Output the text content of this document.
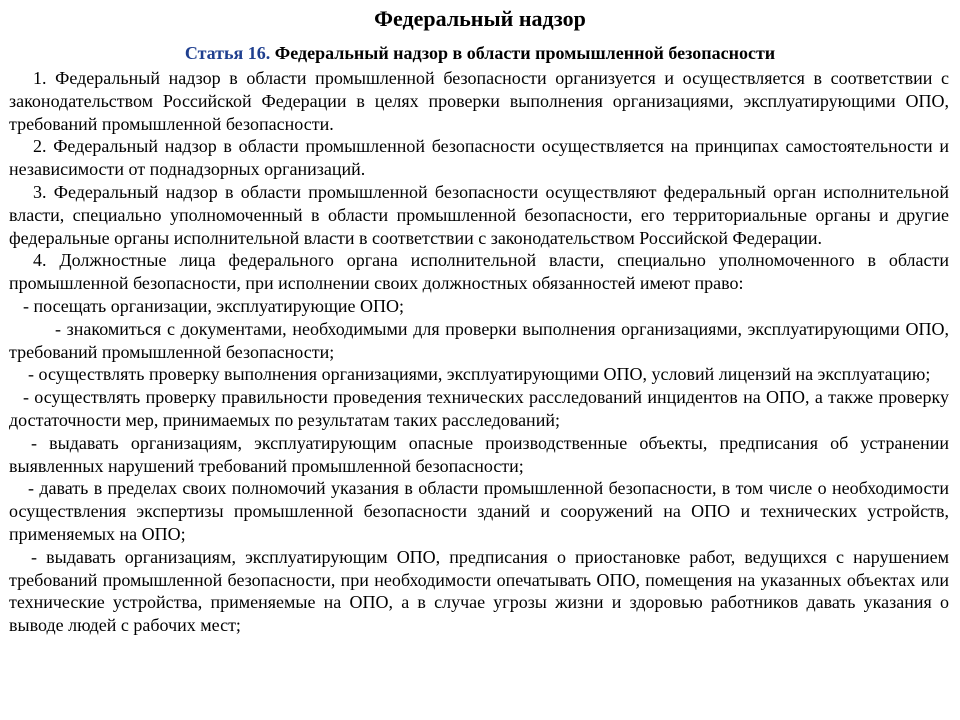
Федеральный надзор
Статья 16. Федеральный надзор в области промышленной безопасности

1. Федеральный надзор в области промышленной безопасности организуется и осуществляется в соответствии с законодательством Российской Федерации в целях проверки выполнения организациями, эксплуатирующими ОПО, требований промышленной безопасности.

2. Федеральный надзор в области промышленной безопасности осуществляется на принципах самостоятельности и независимости от поднадзорных организаций.

3. Федеральный надзор в области промышленной безопасности осуществляют федеральный орган исполнительной власти, специально уполномоченный в области промышленной безопасности, его территориальные органы и другие федеральные органы исполнительной власти в соответствии с законодательством Российской Федерации.

4. Должностные лица федерального органа исполнительной власти, специально уполномоченного в области промышленной безопасности, при исполнении своих должностных обязанностей имеют право:

- посещать организации, эксплуатирующие ОПО;

- знакомиться с документами, необходимыми для проверки выполнения организациями, эксплуатирующими ОПО, требований промышленной безопасности;

- осуществлять проверку выполнения организациями, эксплуатирующими ОПО, условий лицензий на эксплуатацию;

- осуществлять проверку правильности проведения технических расследований инцидентов на ОПО, а также проверку достаточности мер, принимаемых по результатам таких расследований;

- выдавать организациям, эксплуатирующим опасные производственные объекты, предписания об устранении выявленных нарушений требований промышленной безопасности;

- давать в пределах своих полномочий указания в области промышленной безопасности, в том числе о необходимости осуществления экспертизы промышленной безопасности зданий и сооружений на ОПО и технических устройств, применяемых на ОПО;

- выдавать организациям, эксплуатирующим ОПО, предписания о приостановке работ, ведущихся с нарушением требований промышленной безопасности, при необходимости опечатывать ОПО, помещения на указанных объектах или технические устройства, применяемые на ОПО, а в случае угрозы жизни и здоровью работников давать указания о выводе людей с рабочих мест;
